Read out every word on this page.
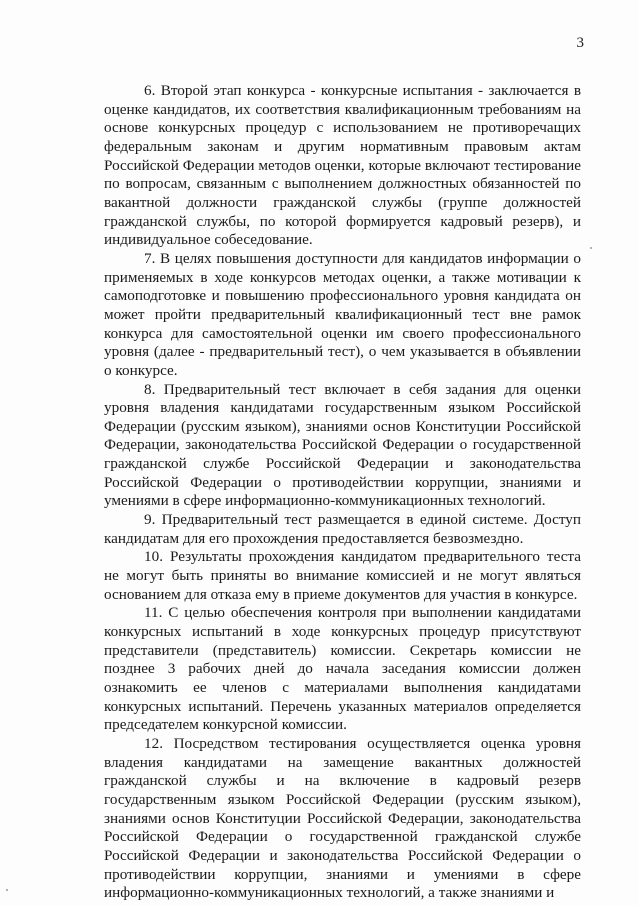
3

6. Второй этап конкурса - конкурсные испытания - заключается в оценке кандидатов, их соответствия квалификационным требованиям на основе конкурсных процедур с использованием не противоречащих федеральным законам и другим нормативным правовым актам Российской Федерации методов оценки, которые включают тестирование по вопросам, связанным с выполнением должностных обязанностей по вакантной должности гражданской службы (группе должностей гражданской службы, по которой формируется кадровый резерв), и индивидуальное собеседование.

7. В целях повышения доступности для кандидатов информации о применяемых в ходе конкурсов методах оценки, а также мотивации к самоподготовке и повышению профессионального уровня кандидата он может пройти предварительный квалификационный тест вне рамок конкурса для самостоятельной оценки им своего профессионального уровня (далее - предварительный тест), о чем указывается в объявлении о конкурсе.

8. Предварительный тест включает в себя задания для оценки уровня владения кандидатами государственным языком Российской Федерации (русским языком), знаниями основ Конституции Российской Федерации, законодательства Российской Федерации о государственной гражданской службе Российской Федерации и законодательства Российской Федерации о противодействии коррупции, знаниями и умениями в сфере информационно-коммуникационных технологий.

9. Предварительный тест размещается в единой системе. Доступ кандидатам для его прохождения предоставляется безвозмездно.

10. Результаты прохождения кандидатом предварительного теста не могут быть приняты во внимание комиссией и не могут являться основанием для отказа ему в приеме документов для участия в конкурсе.

11. С целью обеспечения контроля при выполнении кандидатами конкурсных испытаний в ходе конкурсных процедур присутствуют представители (представитель) комиссии. Секретарь комиссии не позднее 3 рабочих дней до начала заседания комиссии должен ознакомить ее членов с материалами выполнения кандидатами конкурсных испытаний. Перечень указанных материалов определяется председателем конкурсной комиссии.

12. Посредством тестирования осуществляется оценка уровня владения кандидатами на замещение вакантных должностей гражданской службы и на включение в кадровый резерв государственным языком Российской Федерации (русским языком), знаниями основ Конституции Российской Федерации, законодательства Российской Федерации о государственной гражданской службе Российской Федерации и законодательства Российской Федерации о противодействии коррупции, знаниями и умениями в сфере информационно-коммуникационных технологий, а также знаниями и
